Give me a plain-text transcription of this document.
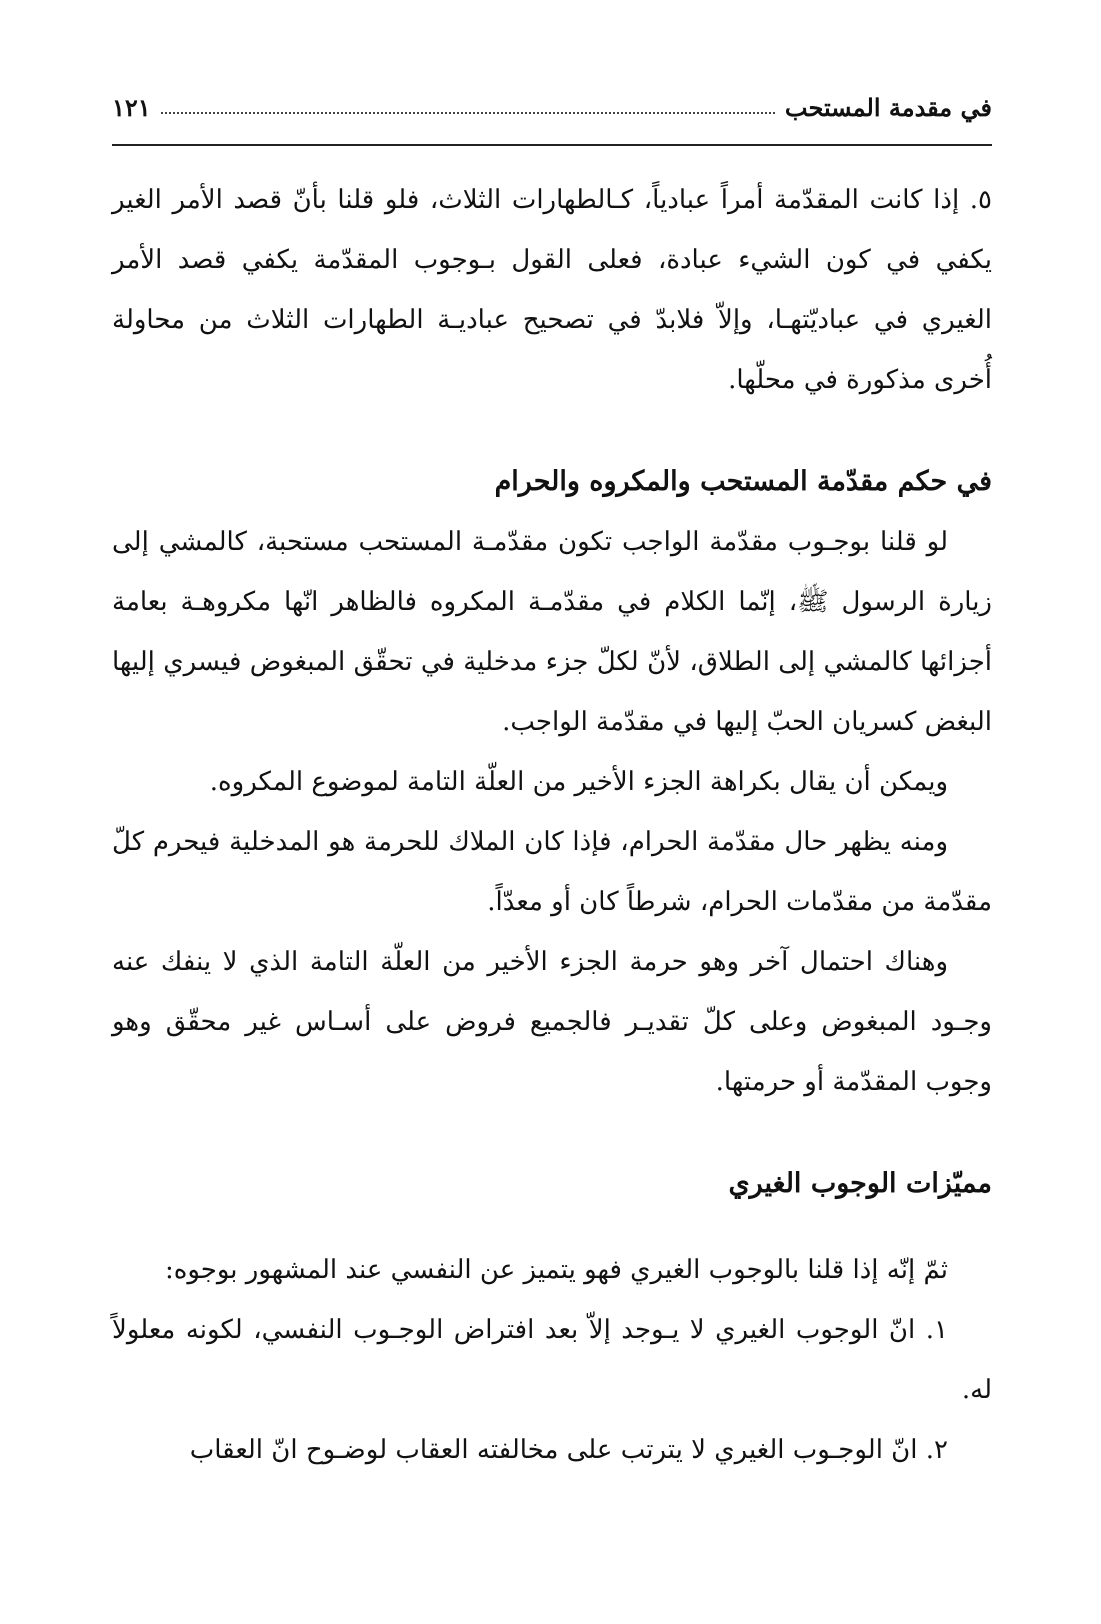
في مقدمة المستحب
١٢١

٥. إذا كانت المقدّمة أمراً عبادياً، كـالطهارات الثلاث، فلو قلنا بأنّ قصد الأمر الغير يكفي في كون الشيء عبادة، فعلى القول بـوجوب المقدّمة يكفي قصد الأمر الغيري في عباديّتهـا، وإلاّ فلابدّ في تصحيح عباديـة الطهارات الثلاث من محاولة أُخرى مذكورة في محلّها.

في حكم مقدّمة المستحب والمكروه والحرام

لو قلنا بوجـوب مقدّمة الواجب تكون مقدّمـة المستحب مستحبة، كالمشي إلى زيارة الرسول ﷺ، إنّما الكلام في مقدّمـة المكروه فالظاهر انّها مكروهـة بعامة أجزائها كالمشي إلى الطلاق، لأنّ لكلّ جزء مدخلية في تحقّق المبغوض فيسري إليها البغض كسريان الحبّ إليها في مقدّمة الواجب.

ويمكن أن يقال بكراهة الجزء الأخير من العلّة التامة لموضوع المكروه.

ومنه يظهر حال مقدّمة الحرام، فإذا كان الملاك للحرمة هو المدخلية فيحرم كلّ مقدّمة من مقدّمات الحرام، شرطاً كان أو معدّاً.

وهناك احتمال آخر وهو حرمة الجزء الأخير من العلّة التامة الذي لا ينفك عنه وجـود المبغوض وعلى كلّ تقديـر فالجميع فروض على أسـاس غير محقّق وهو وجوب المقدّمة أو حرمتها.

مميّزات الوجوب الغيري

ثمّ إنّه إذا قلنا بالوجوب الغيري فهو يتميز عن النفسي عند المشهور بوجوه:

١. انّ الوجوب الغيري لا يـوجد إلاّ بعد افتراض الوجـوب النفسي، لكونه معلولاً له.

٢. انّ الوجـوب الغيري لا يترتب على مخالفته العقاب لوضـوح انّ العقاب
